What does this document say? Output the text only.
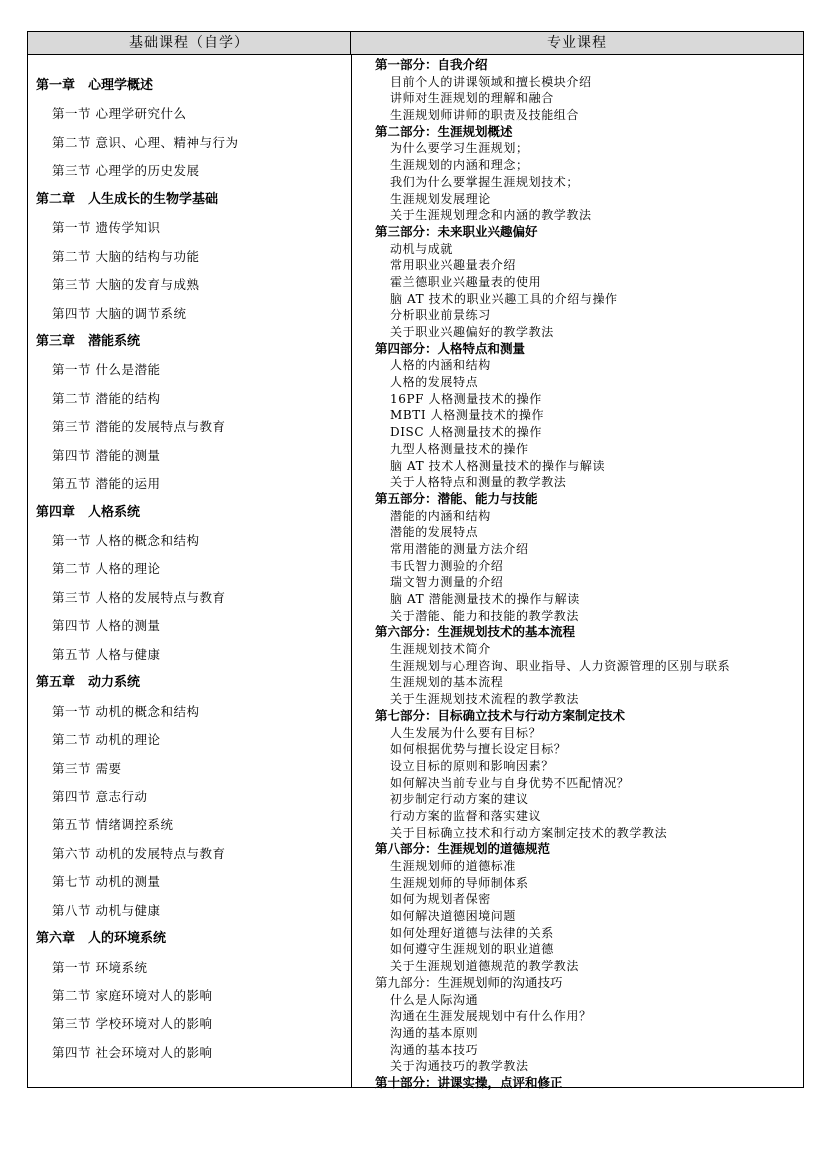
基础课程（自学）	专业课程
第一章　心理学概述
第一节 心理学研究什么
第二节 意识、心理、精神与行为
第三节 心理学的历史发展
第二章　人生成长的生物学基础
第一节 遗传学知识
第二节 大脑的结构与功能
第三节 大脑的发育与成熟
第四节 大脑的调节系统
第三章　潜能系统
第一节 什么是潜能
第二节 潜能的结构
第三节 潜能的发展特点与教育
第四节 潜能的测量
第五节 潜能的运用
第四章　人格系统
第一节 人格的概念和结构
第二节 人格的理论
第三节 人格的发展特点与教育
第四节 人格的测量
第五节 人格与健康
第五章　动力系统
第一节 动机的概念和结构
第二节 动机的理论
第三节 需要
第四节 意志行动
第五节 情绪调控系统
第六节 动机的发展特点与教育
第七节 动机的测量
第八节 动机与健康
第六章　人的环境系统
第一节 环境系统
第二节 家庭环境对人的影响
第三节 学校环境对人的影响
第四节 社会环境对人的影响
第一部分：自我介绍
目前个人的讲课领域和擅长模块介绍
讲师对生涯规划的理解和融合
生涯规划师讲师的职责及技能组合
第二部分：生涯规划概述
为什么要学习生涯规划；
生涯规划的内涵和理念；
我们为什么要掌握生涯规划技术；
生涯规划发展理论
关于生涯规划理念和内涵的教学教法
第三部分：未来职业兴趣偏好
动机与成就
常用职业兴趣量表介绍
霍兰德职业兴趣量表的使用
脑 AT 技术的职业兴趣工具的介绍与操作
分析职业前景练习
关于职业兴趣偏好的教学教法
第四部分：人格特点和测量
人格的内涵和结构
人格的发展特点
16PF 人格测量技术的操作
MBTI 人格测量技术的操作
DISC 人格测量技术的操作
九型人格测量技术的操作
脑 AT 技术人格测量技术的操作与解读
关于人格特点和测量的教学教法
第五部分：潜能、能力与技能
潜能的内涵和结构
潜能的发展特点
常用潜能的测量方法介绍
韦氏智力测验的介绍
瑞文智力测量的介绍
脑 AT 潜能测量技术的操作与解读
关于潜能、能力和技能的教学教法
第六部分：生涯规划技术的基本流程
生涯规划技术简介
生涯规划与心理咨询、职业指导、人力资源管理的区别与联系
生涯规划的基本流程
关于生涯规划技术流程的教学教法
第七部分：目标确立技术与行动方案制定技术
人生发展为什么要有目标？
如何根据优势与擅长设定目标？
设立目标的原则和影响因素？
如何解决当前专业与自身优势不匹配情况？
初步制定行动方案的建议
行动方案的监督和落实建议
关于目标确立技术和行动方案制定技术的教学教法
第八部分：生涯规划的道德规范
生涯规划师的道德标准
生涯规划师的导师制体系
如何为规划者保密
如何解决道德困境问题
如何处理好道德与法律的关系
如何遵守生涯规划的职业道德
关于生涯规划道德规范的教学教法
第九部分：生涯规划师的沟通技巧
什么是人际沟通
沟通在生涯发展规划中有什么作用？
沟通的基本原则
沟通的基本技巧
关于沟通技巧的教学教法
第十部分：讲课实操，点评和修正
